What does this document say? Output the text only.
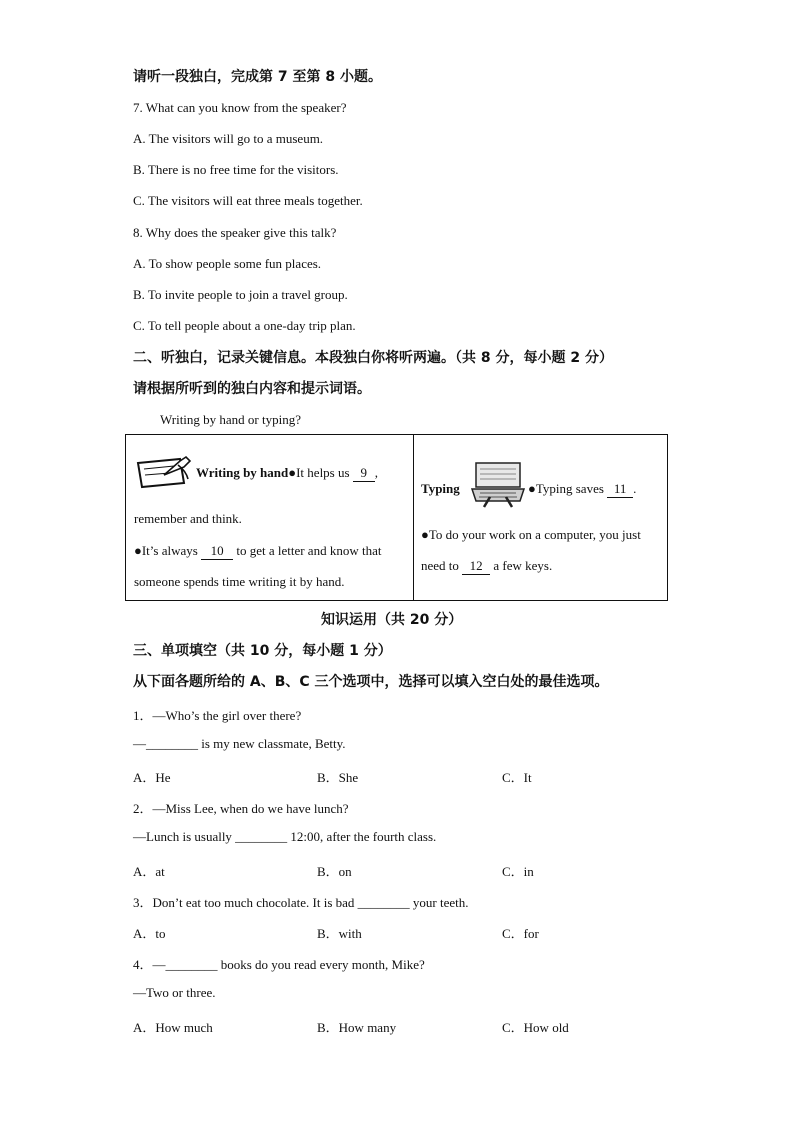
请听一段独白，完成第 7 至第 8 小题。
7. What can you know from the speaker?
A. The visitors will go to a museum.
B. There is no free time for the visitors.
C. The visitors will eat three meals together.
8. Why does the speaker give this talk?
A. To show people some fun places.
B. To invite people to join a travel group.
C. To tell people about a one-day trip plan.
二、听独白，记录关键信息。本段独白你将听两遍。（共 8 分，每小题 2 分）
请根据所听到的独白内容和提示词语。
Writing by hand or typing?
Writing by hand●It helps us 9 ,
remember and think.
●It’s always 10 to get a letter and know that
someone spends time writing it by hand.
Typing	●Typing saves 11 .
●To do your work on a computer, you just
need to 12 a few keys.
知识运用（共 20 分）
三、单项填空（共 10 分，每小题 1 分）
从下面各题所给的 A、B、C 三个选项中，选择可以填入空白处的最佳选项。
1．—Who’s the girl over there?
—________ is my new classmate, Betty.
A．He	B．She	C．It
2．—Miss Lee, when do we have lunch?
—Lunch is usually ________ 12:00, after the fourth class.
A．at	B．on	C．in
3．Don’t eat too much chocolate. It is bad ________ your teeth.
A．to	B．with	C．for
4．—________ books do you read every month, Mike?
—Two or three.
A．How much	B．How many	C．How old
